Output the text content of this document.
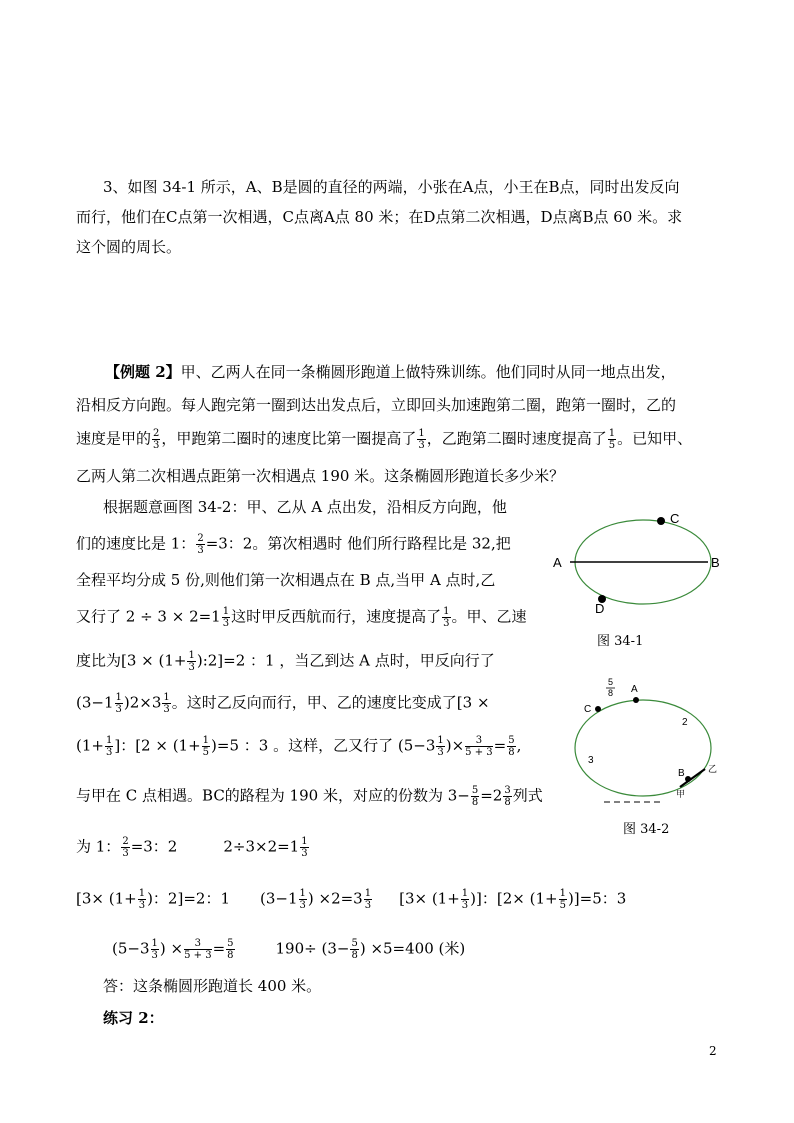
3、如图 34-1 所示，A、B是圆的直径的两端，小张在A点，小王在B点，同时出发反向
而行，他们在C点第一次相遇，C点离A点 80 米；在D点第二次相遇，D点离B点 60 米。求
这个圆的周长。
【例题 2】甲、乙两人在同一条椭圆形跑道上做特殊训练。他们同时从同一地点出发，
沿相反方向跑。每人跑完第一圈到达出发点后，立即回头加速跑第二圈，跑第一圈时，乙的
速度是甲的 $\frac{2}{3}$ ，甲跑第二圈时的速度比第一圈提高了 $\frac{1}{3}$ ，乙跑第二圈时速度提高了 $\frac{1}{5}$ 。已知甲、
乙两人第二次相遇点距第一次相遇点 190 米。这条椭圆形跑道长多少米？
根据题意画图 34-2：甲、乙从 A 点出发，沿相反方向跑，他
们的速度比是 1： $\frac{2}{3} =3$：2。第次相遇时 他们所行路程比是 32,把
全程平均分成 5 份,则他们第一次相遇点在 B 点,当甲 A 点时,乙
又行了 $2 \div 3 \times 2=1 \frac{1}{3}$ 这时甲反西航而行，速度提高了 $\frac{1}{3}$ 。甲、乙速
度比为[$3 \times (1+ \frac{1}{3}$ ):2]=2 ：1 ，当乙到达 A 点时，甲反向行了
$(3-1 \frac{1}{3} )2\times 3 \frac{1}{3}$ 。这时乙反向而行，甲、乙的速度比变成了[3 ×
($1+ \frac{1}{3}$ ]：[$2 \times (1+ \frac{1}{5} )=5$ ：3 。这样，乙又行了 ($5-3 \frac{1}{3}$ )× $\frac{3}{5 + 3} = \frac{5}{8}$ ,
与甲在 C 点相遇。BC的路程为 190 米，对应的份数为 $3- \frac{5}{8} =2 \frac{3}{8}$ 列式
为 1： $\frac{2}{3} =3$：2	$2\div 3\times 2=1 \frac{1}{3}$
[$3\times (1+ \frac{1}{3}$ )：2]=2：1 ($3-1 \frac{1}{3}$ ) $\times 2=3 \frac{1}{3} [3\times (1+ \frac{1}{3}$ )]：$[2\times (1+ \frac{1}{5} )]=5$：3
($5-3 \frac{1}{3}$ ) × $\frac{3}{5 + 3} = \frac{5}{8}$	$190\div (3- \frac{5}{8}$ ) ×5=400 (米)
答：这条椭圆形跑道长 400 米。
练习 2：
A	B
C
D
图 34-1
5
8 A
C
2
3
B	乙
甲
图 34-2
2
